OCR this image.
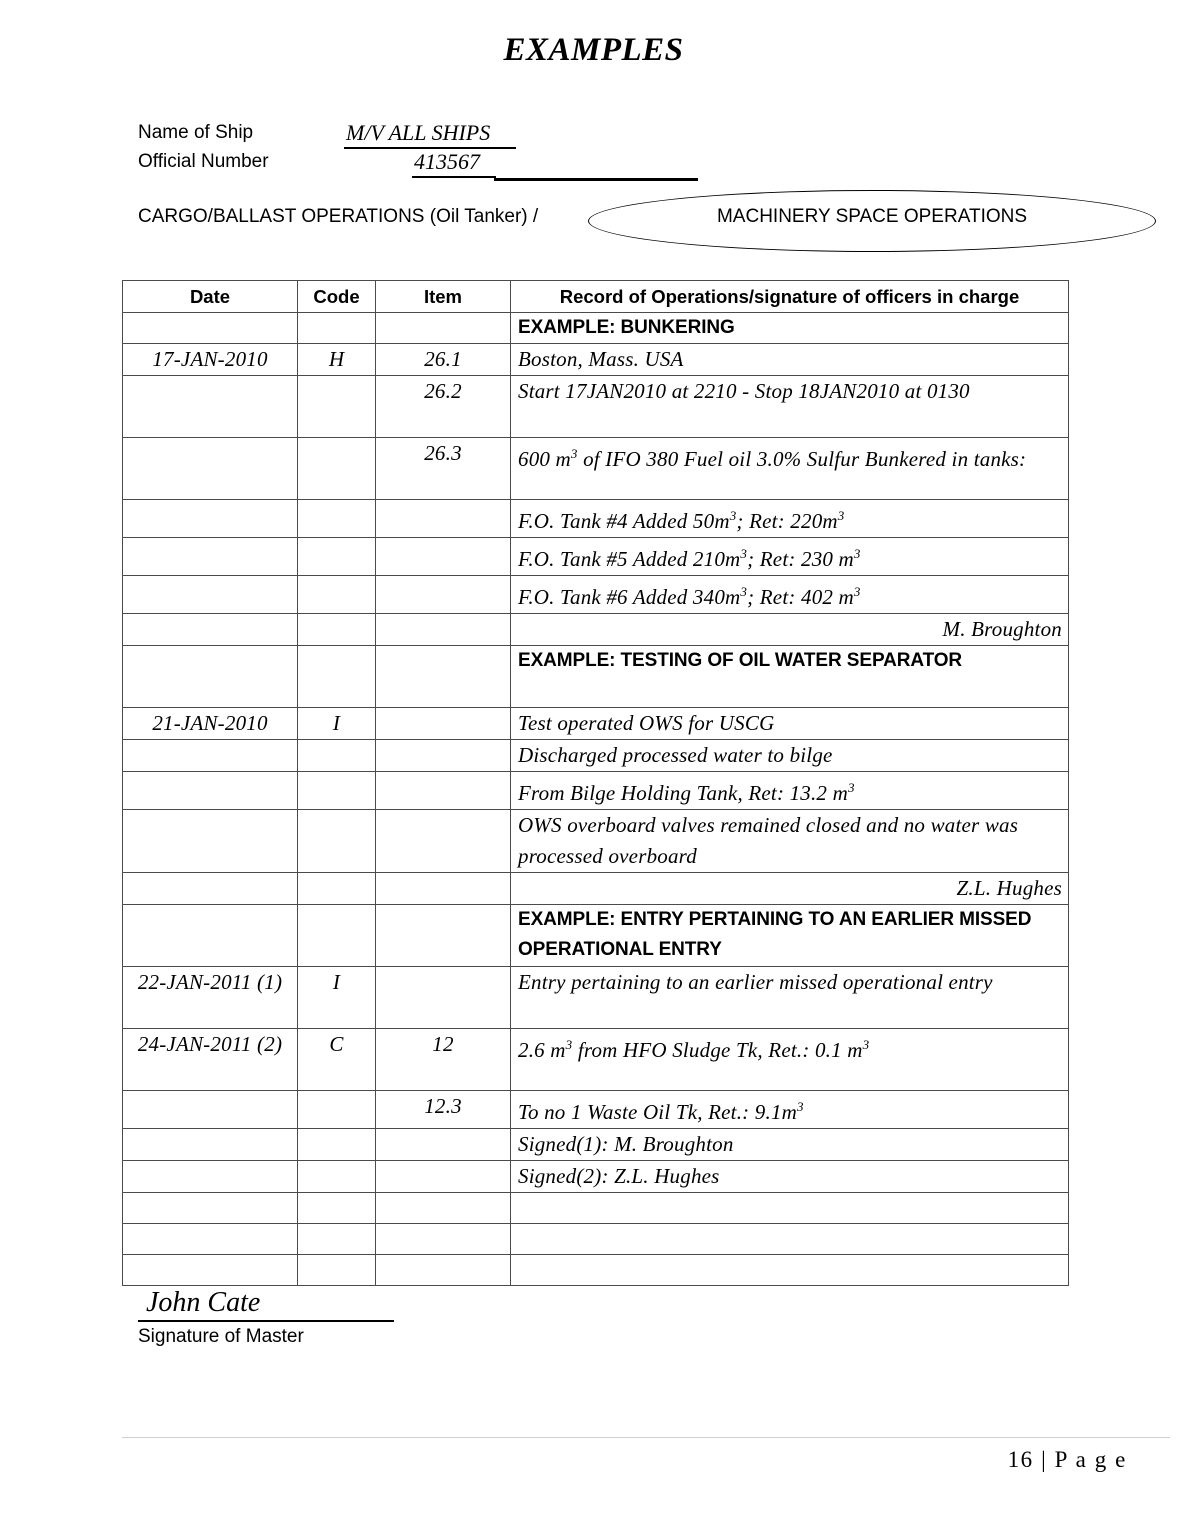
EXAMPLES
Name of Ship	M/V ALL SHIPS
Official Number	413567
CARGO/BALLAST OPERATIONS (Oil Tanker) /	MACHINERY SPACE OPERATIONS
Date	Code	Item	Record of Operations/signature of officers in charge

			EXAMPLE: BUNKERING

17-JAN-2010	H	26.1	Boston, Mass. USA

		26.2	Start 17JAN2010 at 2210 - Stop 18JAN2010 at 0130

		26.3	600 $m^3$ of IFO 380 Fuel oil 3.0% Sulfur Bunkered in tanks:

			F.O. Tank #4 Added $50m^3$; Ret: $220m^3$

			F.O. Tank #5 Added $210m^3$; Ret: 230 $m^3$

			F.O. Tank #6 Added $340m^3$; Ret: 402 $m^3$

			M. Broughton

			EXAMPLE: TESTING OF OIL WATER SEPARATOR

21-JAN-2010	I		Test operated OWS for USCG

			Discharged processed water to bilge

			From Bilge Holding Tank, Ret: 13.2 $m^3$

			OWS overboard valves remained closed and no water was processed overboard

			Z.L. Hughes

			EXAMPLE: ENTRY PERTAINING TO AN EARLIER MISSED OPERATIONAL ENTRY

22-JAN-2011 (1)	I		Entry pertaining to an earlier missed operational entry

24-JAN-2011 (2)	C	12	2.6 $m^3$ from HFO Sludge Tk, Ret.: 0.1 $m^3$

		12.3	To no 1 Waste Oil Tk, Ret.: $9.1m^3$

			Signed(1): M. Broughton

			Signed(2): Z.L. Hughes

John Cate
Signature of Master
16 | P a g e
